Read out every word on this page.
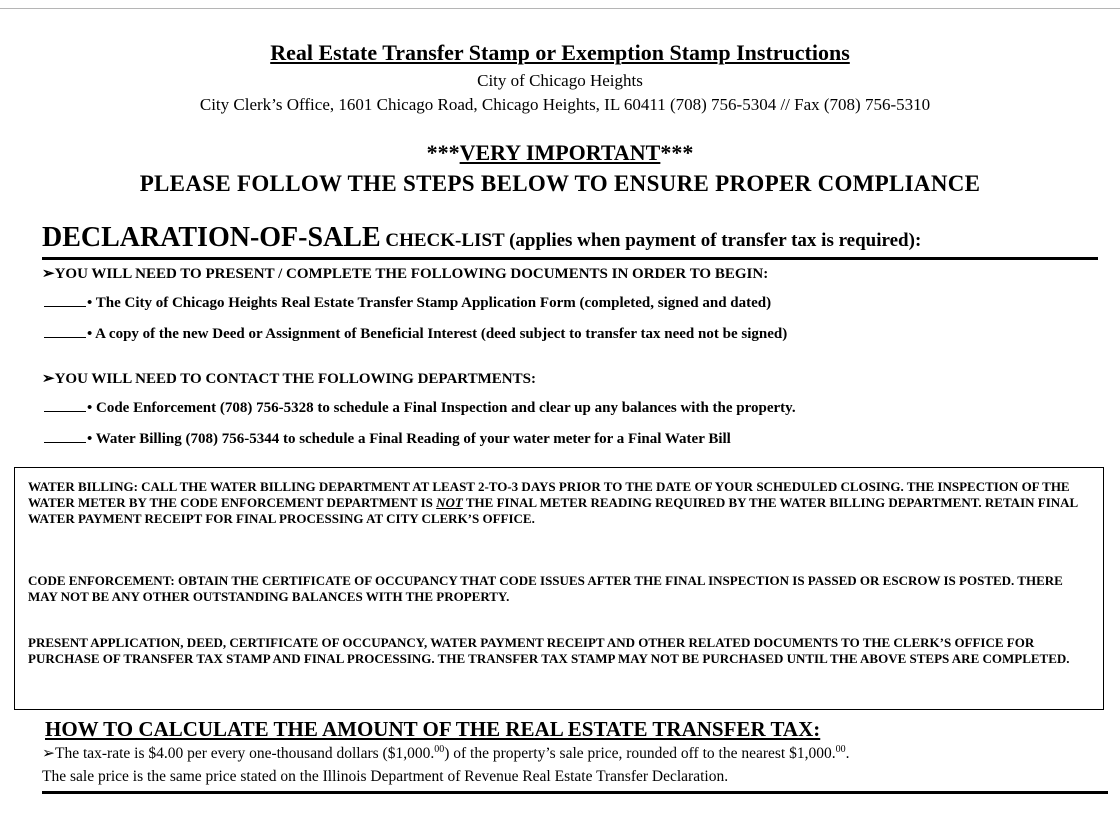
Real Estate Transfer Stamp or Exemption Stamp Instructions
City of Chicago Heights
City Clerk’s Office, 1601 Chicago Road, Chicago Heights, IL 60411 (708) 756-5304 // Fax (708) 756-5310
***VERY IMPORTANT***
PLEASE FOLLOW THE STEPS BELOW TO ENSURE PROPER COMPLIANCE
DECLARATION-OF-SALE CHECK-LIST (applies when payment of transfer tax is required):
➢YOU WILL NEED TO PRESENT / COMPLETE THE FOLLOWING DOCUMENTS IN ORDER TO BEGIN:
• The City of Chicago Heights Real Estate Transfer Stamp Application Form (completed, signed and dated)
• A copy of the new Deed or Assignment of Beneficial Interest (deed subject to transfer tax need not be signed)
➢YOU WILL NEED TO CONTACT THE FOLLOWING DEPARTMENTS:
• Code Enforcement (708) 756-5328 to schedule a Final Inspection and clear up any balances with the property.
• Water Billing (708) 756-5344 to schedule a Final Reading of your water meter for a Final Water Bill
WATER BILLING: CALL THE WATER BILLING DEPARTMENT AT LEAST 2-TO-3 DAYS PRIOR TO THE DATE OF YOUR SCHEDULED CLOSING. THE INSPECTION OF THE WATER METER BY THE CODE ENFORCEMENT DEPARTMENT IS NOT THE FINAL METER READING REQUIRED BY THE WATER BILLING DEPARTMENT. RETAIN FINAL WATER PAYMENT RECEIPT FOR FINAL PROCESSING AT CITY CLERK’S OFFICE.
CODE ENFORCEMENT: OBTAIN THE CERTIFICATE OF OCCUPANCY THAT CODE ISSUES AFTER THE FINAL INSPECTION IS PASSED OR ESCROW IS POSTED. THERE MAY NOT BE ANY OTHER OUTSTANDING BALANCES WITH THE PROPERTY.
PRESENT APPLICATION, DEED, CERTIFICATE OF OCCUPANCY, WATER PAYMENT RECEIPT AND OTHER RELATED DOCUMENTS TO THE CLERK’S OFFICE FOR PURCHASE OF TRANSFER TAX STAMP AND FINAL PROCESSING. THE TRANSFER TAX STAMP MAY NOT BE PURCHASED UNTIL THE ABOVE STEPS ARE COMPLETED.
HOW TO CALCULATE THE AMOUNT OF THE REAL ESTATE TRANSFER TAX:
➢The tax-rate is $4.00 per every one-thousand dollars ($1,000.00) of the property’s sale price, rounded off to the nearest $1,000.00.
The sale price is the same price stated on the Illinois Department of Revenue Real Estate Transfer Declaration.
